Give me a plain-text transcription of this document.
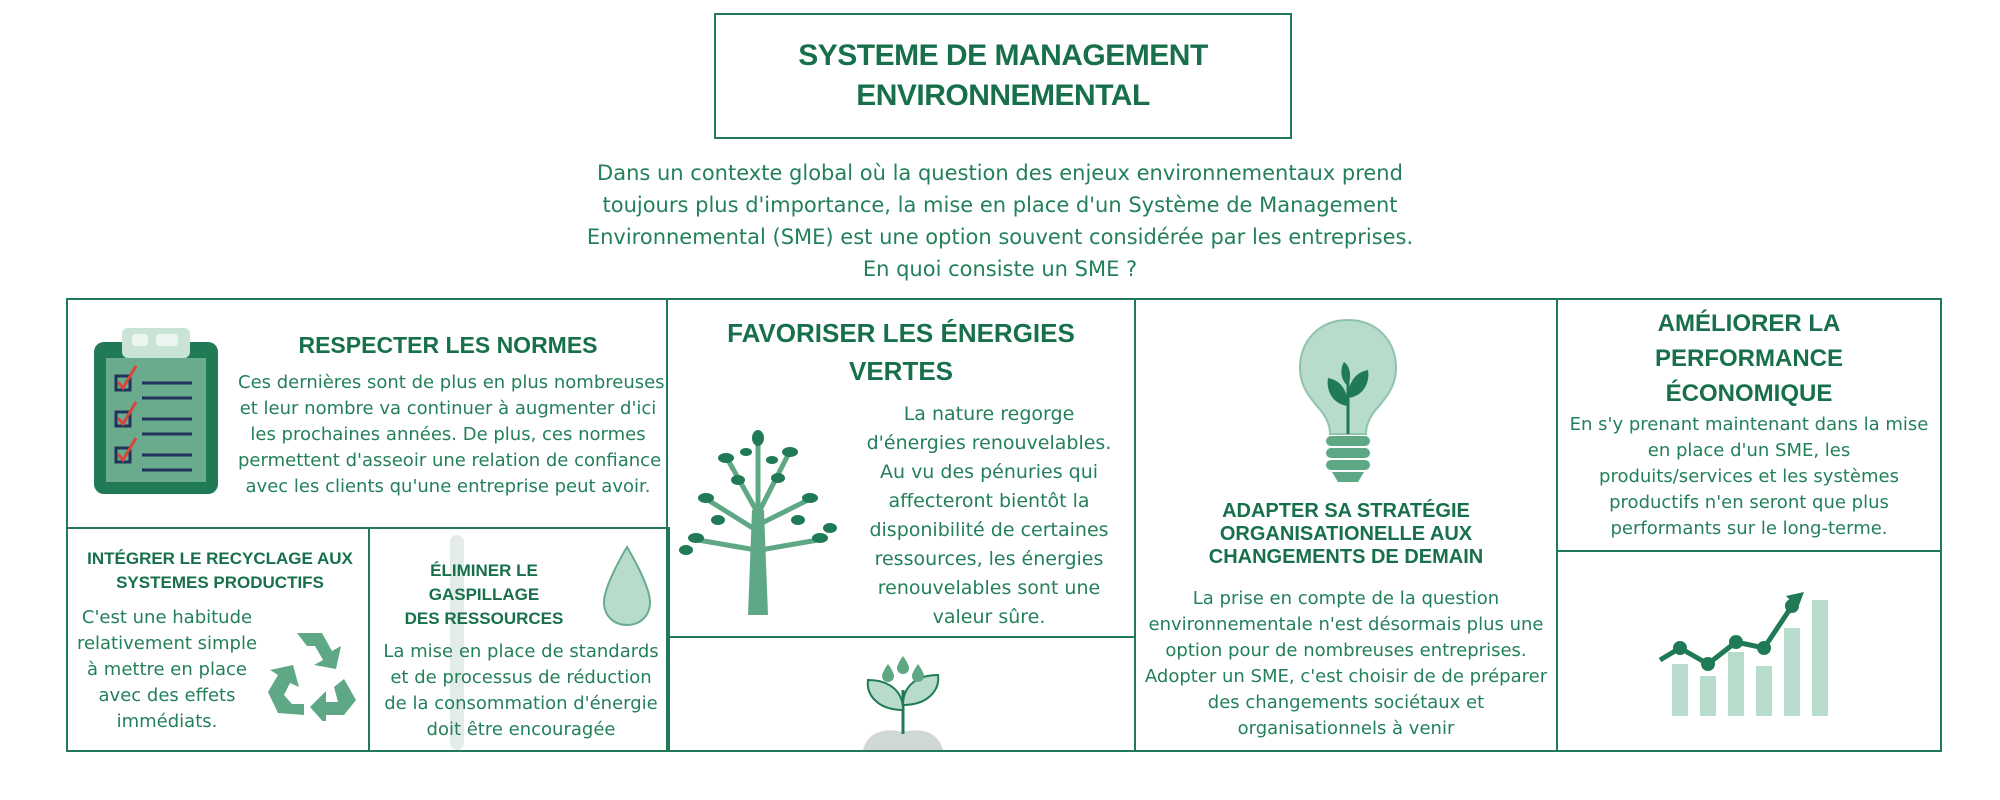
SYSTEME DE MANAGEMENT
ENVIRONNEMENTAL
Dans un contexte global où la question des enjeux environnementaux prend
toujours plus d'importance, la mise en place d'un Système de Management
Environnemental (SME) est une option souvent considérée par les entreprises.
En quoi consiste un SME ?
RESPECTER LES NORMES
Ces dernières sont de plus en plus nombreuses
et leur nombre va continuer à augmenter d'ici
les prochaines années. De plus, ces normes
permettent d'asseoir une relation de confiance
avec les clients qu'une entreprise peut avoir.
INTÉGRER LE RECYCLAGE AUX
SYSTEMES PRODUCTIFS
C'est une habitude
relativement simple
à mettre en place
avec des effets
immédiats.
ÉLIMINER LE GASPILLAGE
DES RESSOURCES
La mise en place de standards
et de processus de réduction
de la consommation d'énergie
doit être encouragée
FAVORISER LES ÉNERGIES
VERTES
La nature regorge
d'énergies renouvelables.
Au vu des pénuries qui
affecteront bientôt la
disponibilité de certaines
ressources, les énergies
renouvelables sont une
valeur sûre.
ADAPTER SA STRATÉGIE
ORGANISATIONELLE AUX
CHANGEMENTS DE DEMAIN
La prise en compte de la question
environnementale n'est désormais plus une
option pour de nombreuses entreprises.
Adopter un SME, c'est choisir de de préparer
des changements sociétaux et
organisationnels à venir
AMÉLIORER LA
PERFORMANCE
ÉCONOMIQUE
En s'y prenant maintenant dans la mise
en place d'un SME, les
produits/services et les systèmes
productifs n'en seront que plus
performants sur le long-terme.
